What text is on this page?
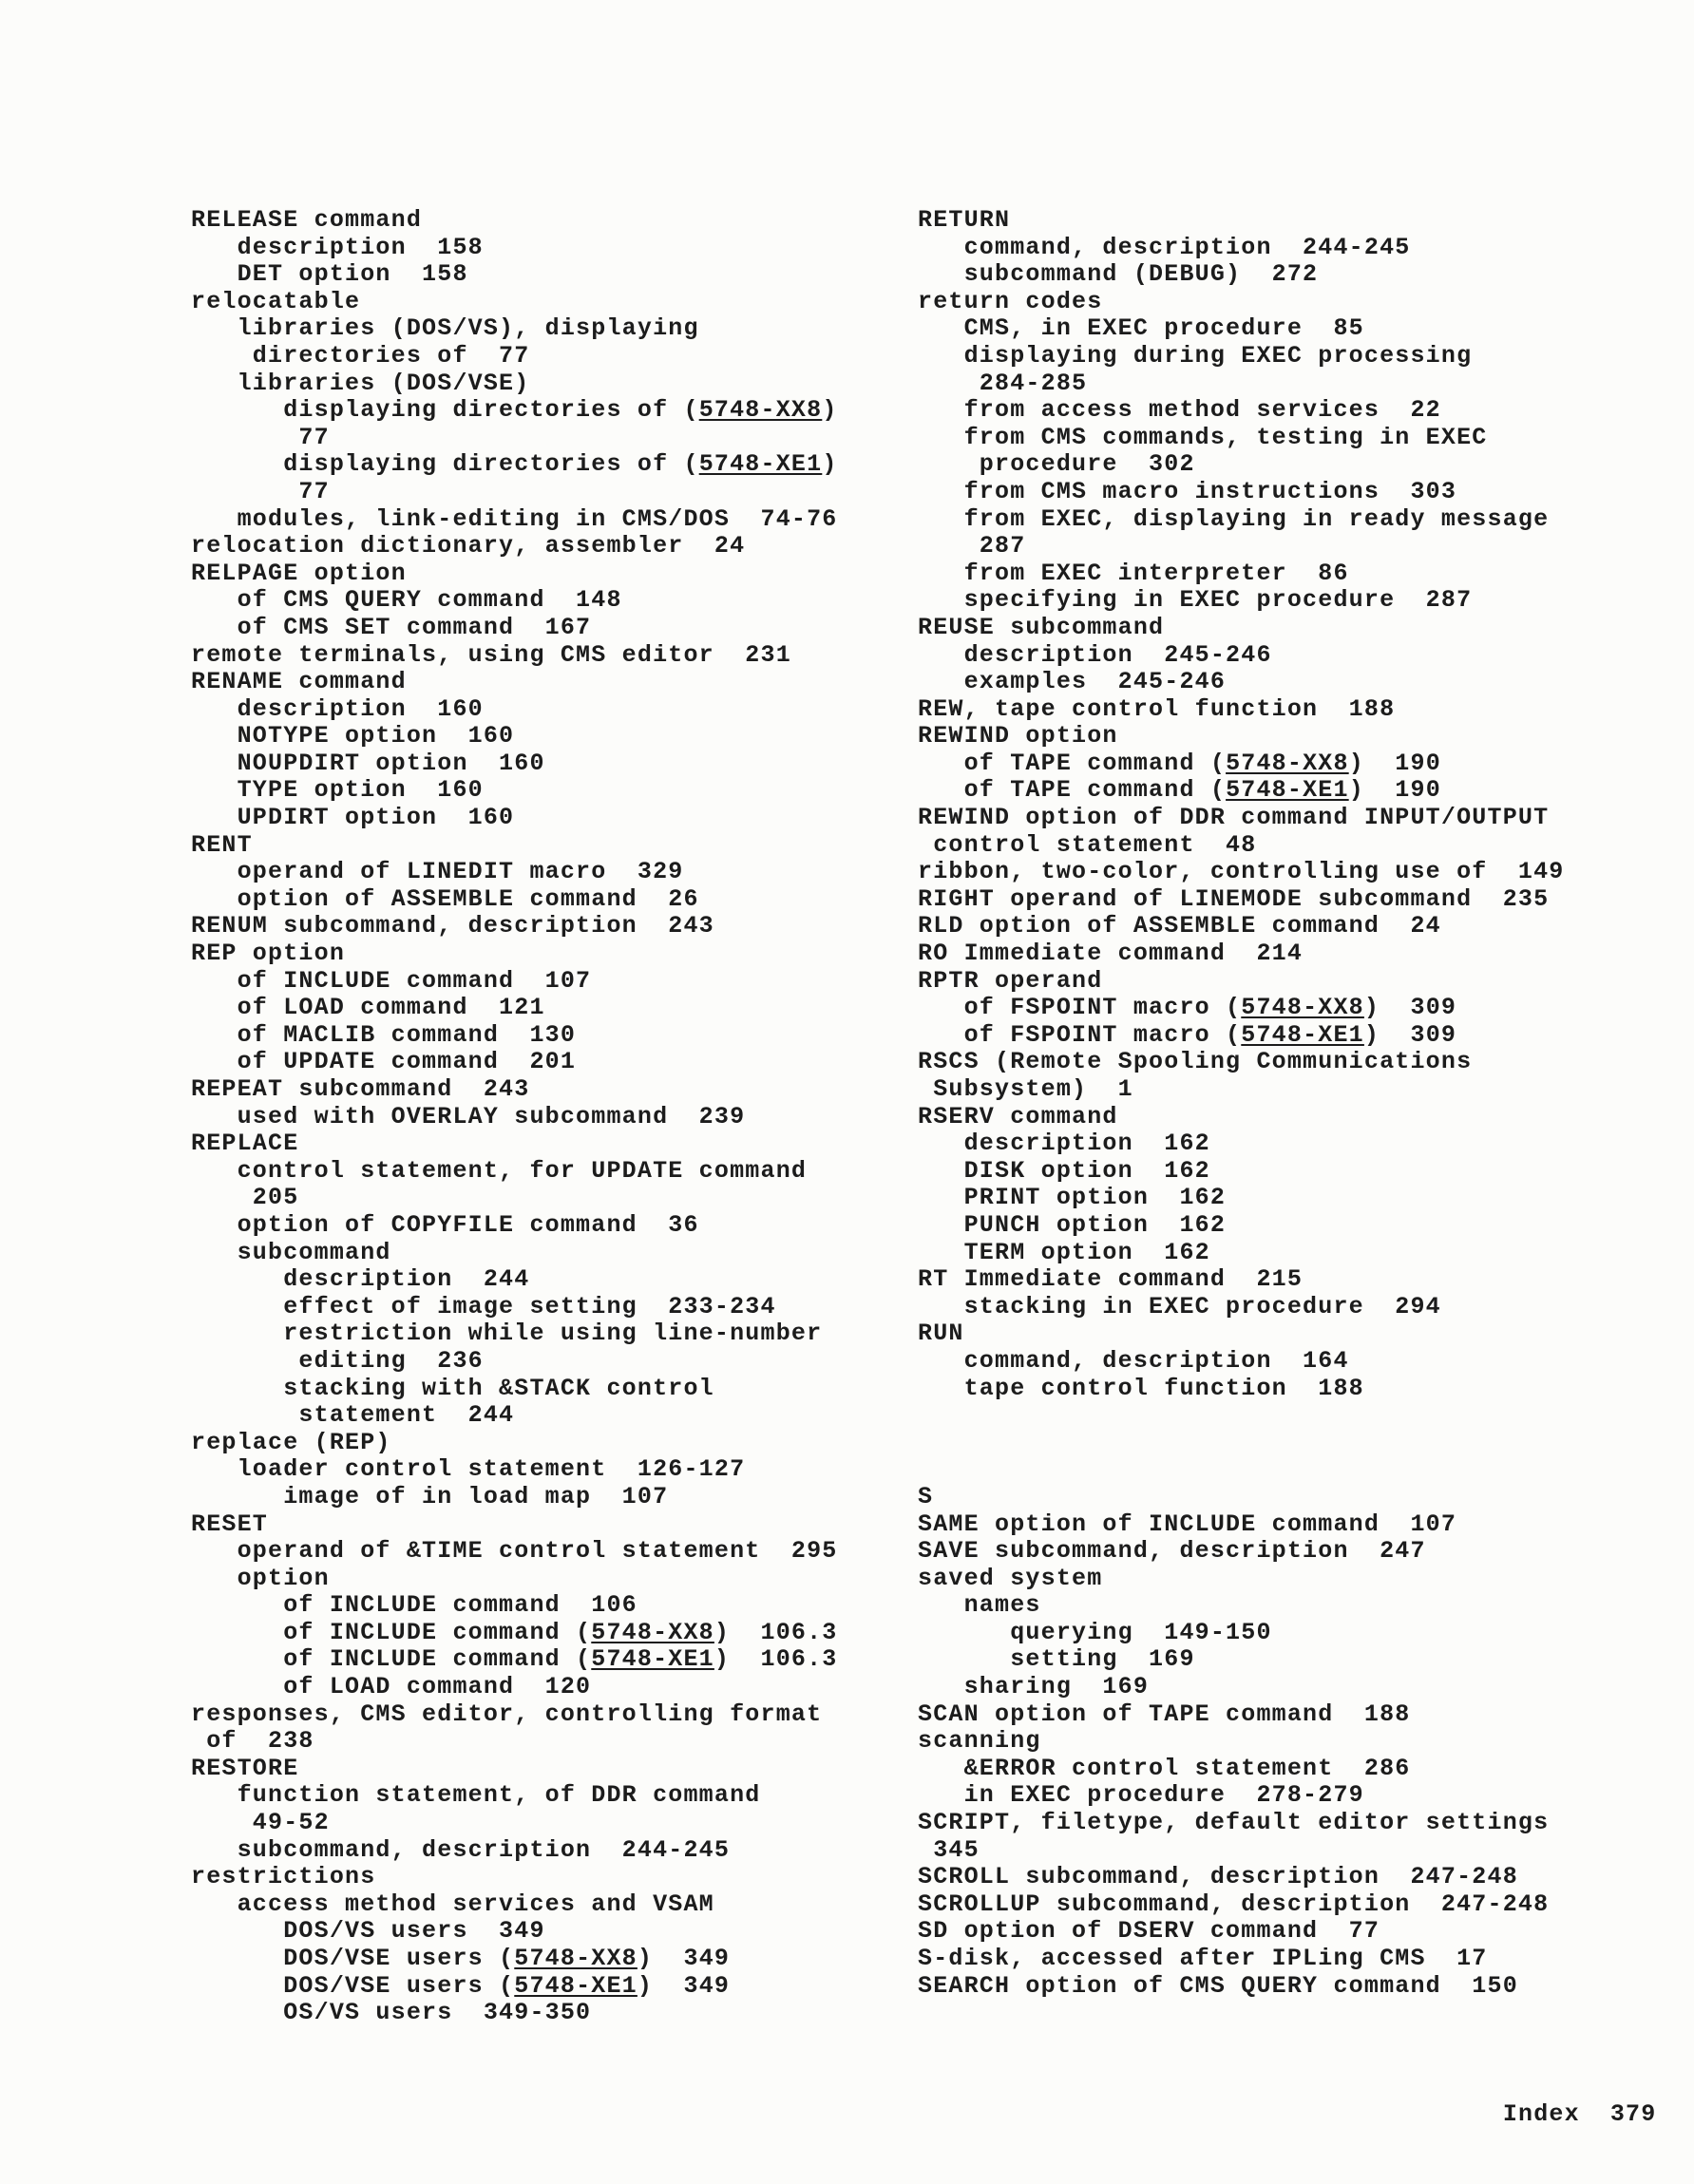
RELEASE command
description  158
DET option  158
relocatable
libraries (DOS/VS), displaying
directories of  77
libraries (DOS/VSE)
displaying directories of (5748-XX8)
77
displaying directories of (5748-XE1)
77
modules, link-editing in CMS/DOS  74-76
relocation dictionary, assembler  24
RELPAGE option
of CMS QUERY command  148
of CMS SET command  167
remote terminals, using CMS editor  231
RENAME command
description  160
NOTYPE option  160
NOUPDIRT option  160
TYPE option  160
UPDIRT option  160
RENT
operand of LINEDIT macro  329
option of ASSEMBLE command  26
RENUM subcommand, description  243
REP option
of INCLUDE command  107
of LOAD command  121
of MACLIB command  130
of UPDATE command  201
REPEAT subcommand  243
used with OVERLAY subcommand  239
REPLACE
control statement, for UPDATE command
205
option of COPYFILE command  36
subcommand
description  244
effect of image setting  233-234
restriction while using line-number
editing  236
stacking with &STACK control
statement  244
replace (REP)
loader control statement  126-127
image of in load map  107
RESET
operand of &TIME control statement  295
option
of INCLUDE command  106
of INCLUDE command (5748-XX8)  106.3
of INCLUDE command (5748-XE1)  106.3
of LOAD command  120
responses, CMS editor, controlling format
of  238
RESTORE
function statement, of DDR command
49-52
subcommand, description  244-245
restrictions
access method services and VSAM
DOS/VS users  349
DOS/VSE users (5748-XX8)  349
DOS/VSE users (5748-XE1)  349
OS/VS users  349-350
RETURN
command, description  244-245
subcommand (DEBUG)  272
return codes
CMS, in EXEC procedure  85
displaying during EXEC processing
284-285
from access method services  22
from CMS commands, testing in EXEC
procedure  302
from CMS macro instructions  303
from EXEC, displaying in ready message
287
from EXEC interpreter  86
specifying in EXEC procedure  287
REUSE subcommand
description  245-246
examples  245-246
REW, tape control function  188
REWIND option
of TAPE command (5748-XX8)  190
of TAPE command (5748-XE1)  190
REWIND option of DDR command INPUT/OUTPUT
control statement  48
ribbon, two-color, controlling use of  149
RIGHT operand of LINEMODE subcommand  235
RLD option of ASSEMBLE command  24
RO Immediate command  214
RPTR operand
of FSPOINT macro (5748-XX8)  309
of FSPOINT macro (5748-XE1)  309
RSCS (Remote Spooling Communications
Subsystem)  1
RSERV command
description  162
DISK option  162
PRINT option  162
PUNCH option  162
TERM option  162
RT Immediate command  215
stacking in EXEC procedure  294
RUN
command, description  164
tape control function  188

S
SAME option of INCLUDE command  107
SAVE subcommand, description  247
saved system
names
querying  149-150
setting  169
sharing  169
SCAN option of TAPE command  188
scanning
&ERROR control statement  286
in EXEC procedure  278-279
SCRIPT, filetype, default editor settings
345
SCROLL subcommand, description  247-248
SCROLLUP subcommand, description  247-248
SD option of DSERV command  77
S-disk, accessed after IPLing CMS  17
SEARCH option of CMS QUERY command  150

Index 379
